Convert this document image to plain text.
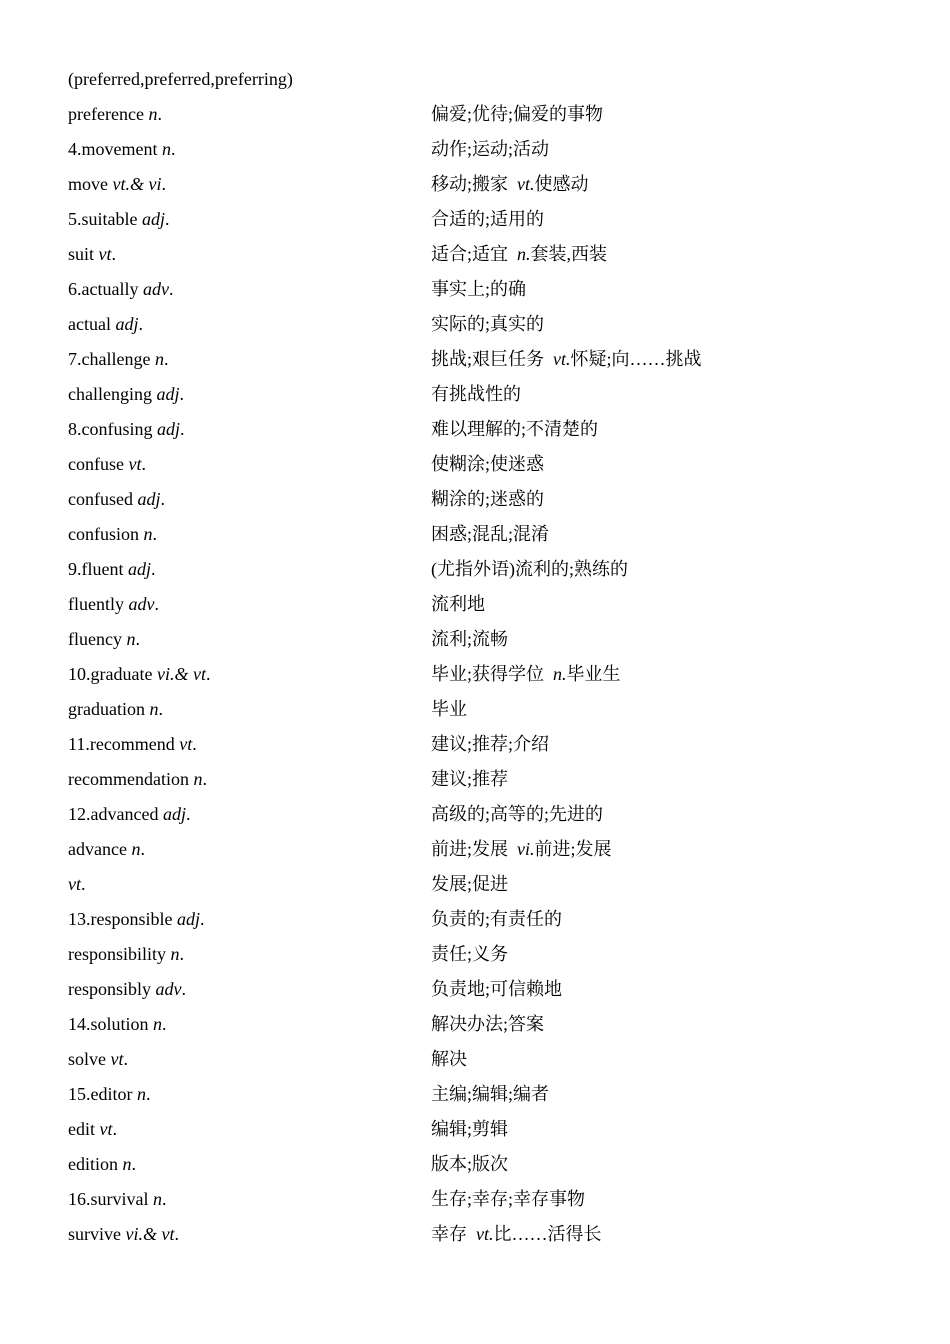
(preferred,preferred,preferring)
preference n.	偏爱;优待;偏爱的事物
4.movement n.	动作;运动;活动
move vt.& vi.	移动;搬家 vt.使感动
5.suitable adj.	合适的;适用的
suit vt.	适合;适宜 n.套装,西装
6.actually adv.	事实上;的确
actual adj.	实际的;真实的
7.challenge n.	挑战;艰巨任务 vt.怀疑;向……挑战
challenging adj.	有挑战性的
8.confusing adj.	难以理解的;不清楚的
confuse vt.	使糊涂;使迷惑
confused adj.	糊涂的;迷惑的
confusion n.	困惑;混乱;混淆
9.fluent adj.	(尤指外语)流利的;熟练的
fluently adv.	流利地
fluency n.	流利;流畅
10.graduate vi.& vt.	毕业;获得学位 n.毕业生
graduation n.	毕业
11.recommend vt.	建议;推荐;介绍
recommendation n.	建议;推荐
12.advanced adj.	高级的;高等的;先进的
advance n.	前进;发展 vi.前进;发展
vt.	发展;促进
13.responsible adj.	负责的;有责任的
responsibility n.	责任;义务
responsibly adv.	负责地;可信赖地
14.solution n.	解决办法;答案
solve vt.	解决
15.editor n.	主编;编辑;编者
edit vt.	编辑;剪辑
edition n.	版本;版次
16.survival n.	生存;幸存;幸存事物
survive vi.& vt.	幸存 vt.比……活得长
